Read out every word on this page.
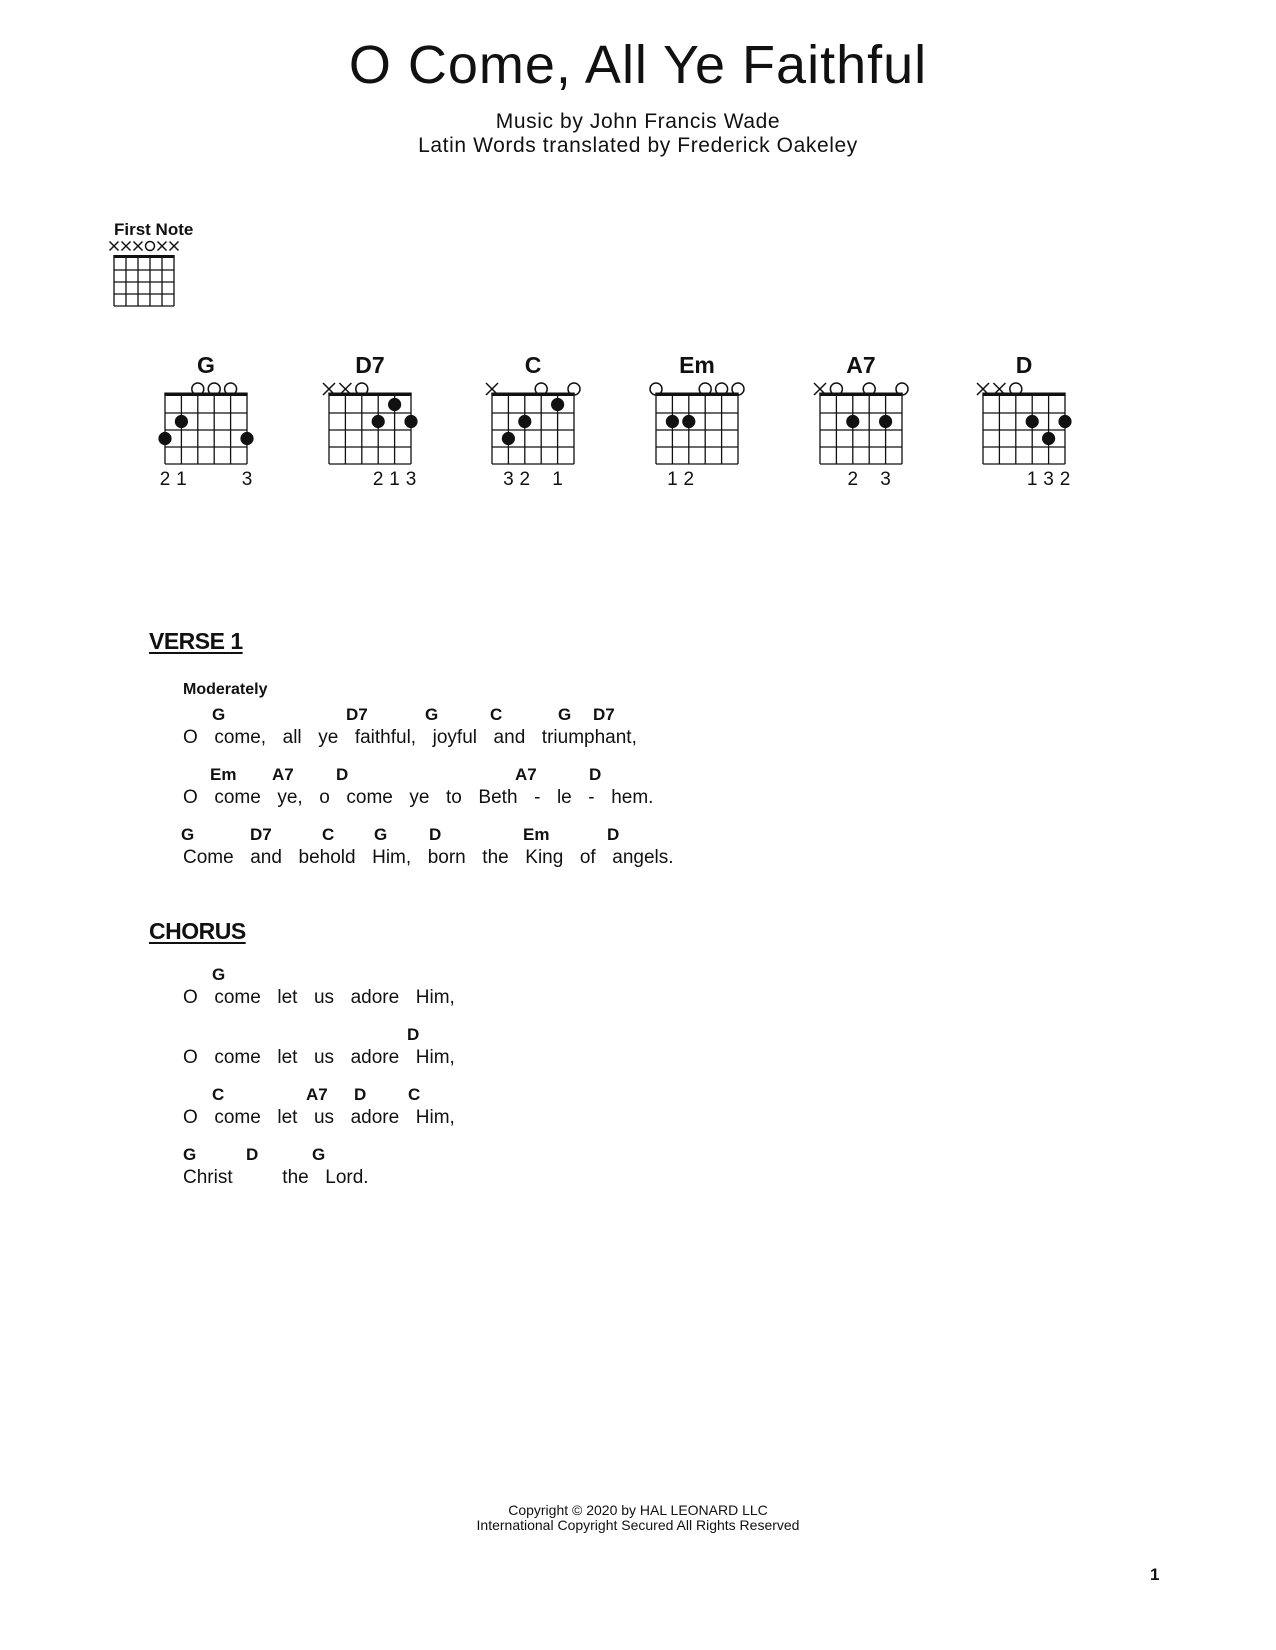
O Come, All Ye Faithful
Music by John Francis Wade
Latin Words translated by Frederick Oakeley
First Note
G
2 1	3
D7
2 1 3
C
3 2 1
Em
1 2
A7
2 3
D
1 3 2
VERSE 1
Moderately
G	D7	G	C	G D7
O  come,  all  ye  faithful,  joyful  and  triumphant,
Em A7 D	A7	D
O  come  ye,  o  come  ye  to  Beth  -  le  -  hem.
G	D7	C G D	Em	D
Come  and  behold  Him,  born  the  King  of  angels.
CHORUS
G
O  come  let  us  adore  Him,
D
O  come  let  us  adore  Him,
C	A7 D C
O  come  let  us  adore  Him,
G	D	G
Christ      the  Lord.
Copyright © 2020 by HAL LEONARD LLC
International Copyright Secured All Rights Reserved
1
